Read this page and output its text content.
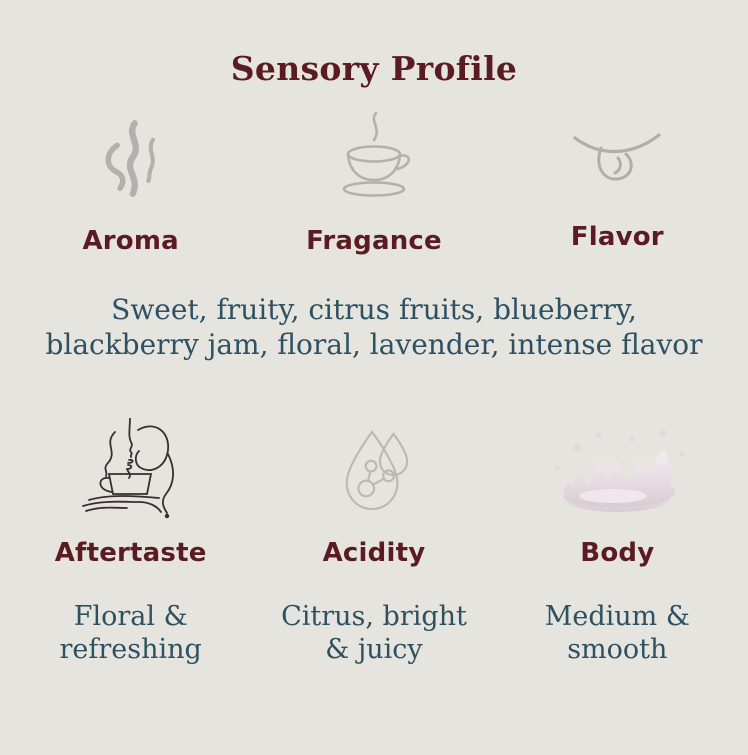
Sensory Profile
Aroma	Fragance	Flavor

Sweet, fruity, citrus fruits, blueberry,
blackberry jam, floral, lavender, intense flavor

Aftertaste
Floral &
refreshing
Acidity
Citrus, bright
& juicy
Body
Medium &
smooth
